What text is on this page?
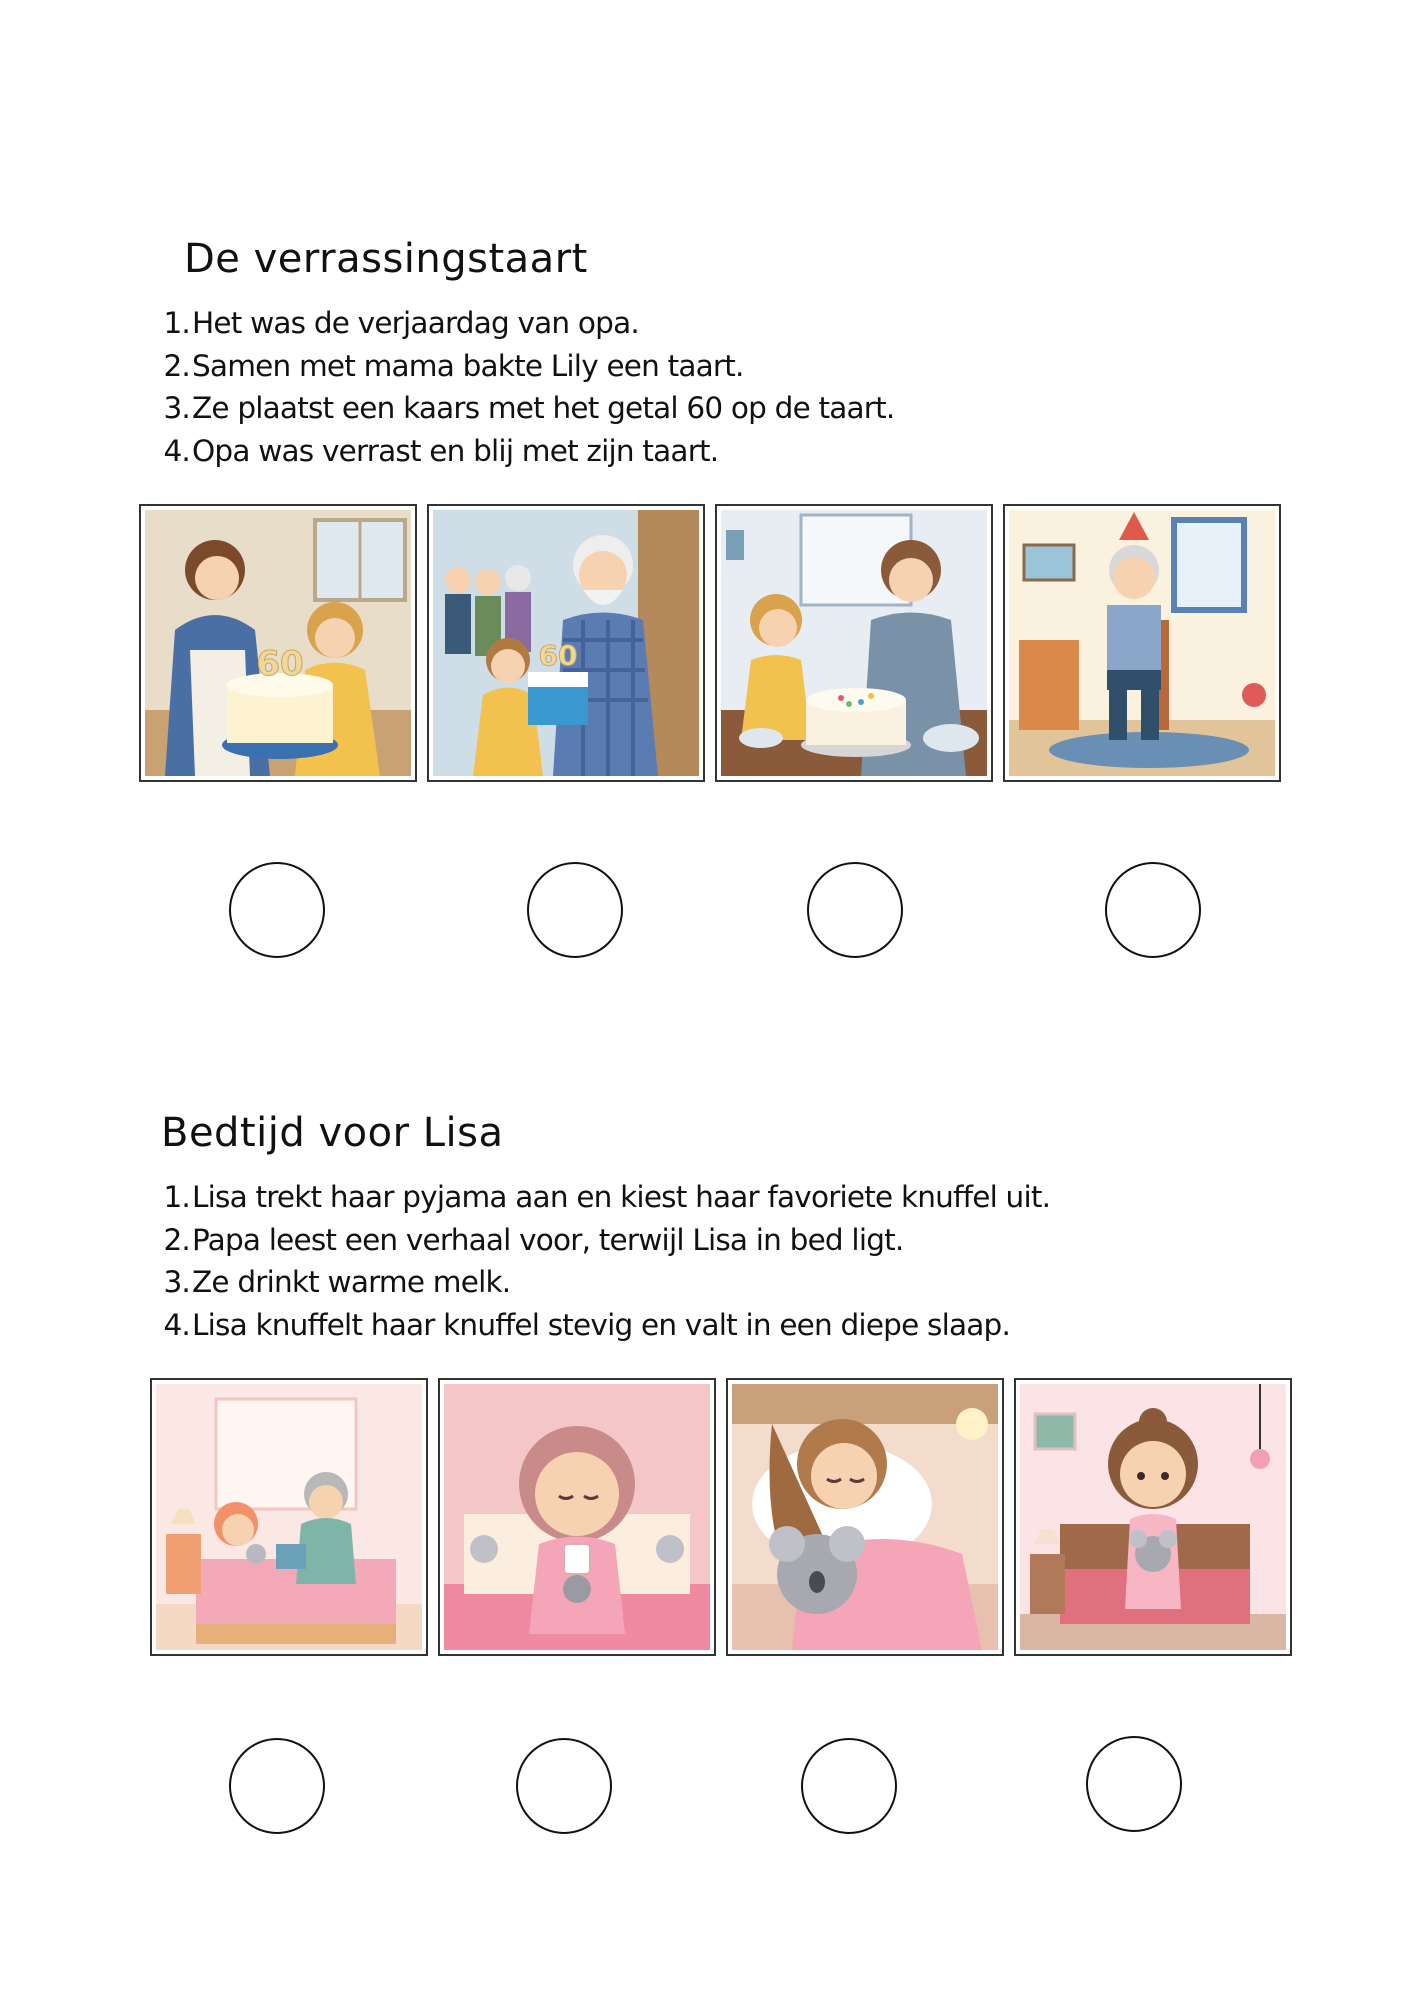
De verrassingstaart
1.Het was de verjaardag van opa.
2.Samen met mama bakte Lily een taart.
3.Ze plaatst een kaars met het getal 60 op de taart.
4.Opa was verrast en blij met zijn taart.
60	60
Bedtijd voor Lisa
1.Lisa trekt haar pyjama aan en kiest haar favoriete knuffel uit.
2.Papa leest een verhaal voor, terwijl Lisa in bed ligt.
3.Ze drinkt warme melk.
4.Lisa knuffelt haar knuffel stevig en valt in een diepe slaap.
